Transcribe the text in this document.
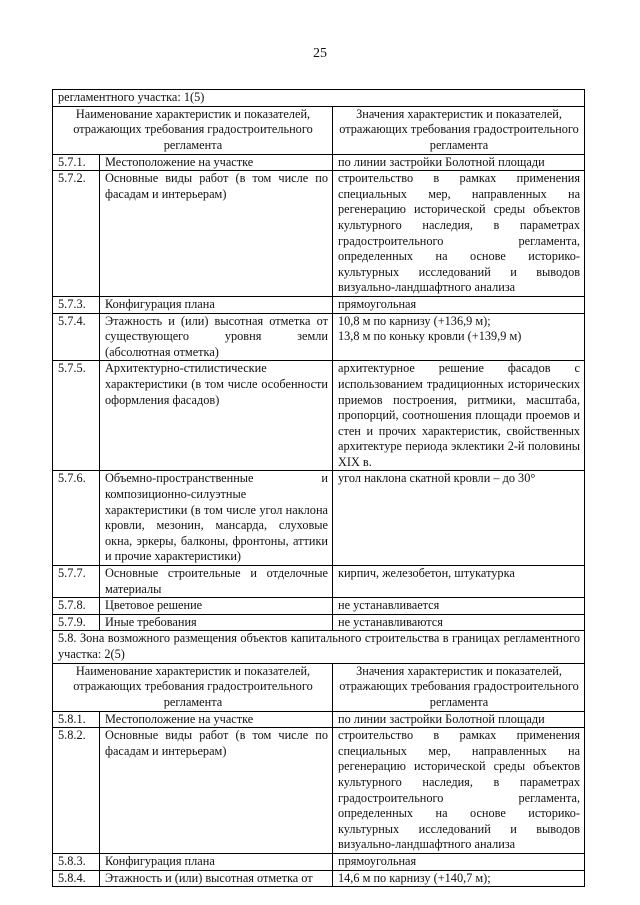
25
регламентного участка: 1(5)		
Наименование характеристик и показателей, отражающих требования градостроительного регламента		Значения характеристик и показателей, отражающих требования градостроительного регламента
5.7.1.	Местоположение на участке	по линии застройки Болотной площади
5.7.2.	Основные виды работ (в том числе по фасадам и интерьерам)	строительство в рамках применения специальных мер, направленных на регенерацию исторической среды объектов культурного наследия, в параметрах градостроительного регламента, определенных на основе историко-культурных исследований и выводов визуально-ландшафтного анализа
5.7.3.	Конфигурация плана	прямоугольная
5.7.4.	Этажность и (или) высотная отметка от существующего уровня земли (абсолютная отметка)	10,8 м по карнизу (+136,9 м);
13,8 м по коньку кровли (+139,9 м)
5.7.5.	Архитектурно-стилистические характеристики (в том числе особенности оформления фасадов)	архитектурное решение фасадов с использованием традиционных исторических приемов построения, ритмики, масштаба, пропорций, соотношения площади проемов и стен и прочих характеристик, свойственных архитектуре периода эклектики 2-й половины XIX в.
5.7.6.	Объемно-пространственные и композиционно-силуэтные характеристики (в том числе угол наклона кровли, мезонин, мансарда, слуховые окна, эркеры, балконы, фронтоны, аттики и прочие характеристики)	угол наклона скатной кровли – до 30°
5.7.7.	Основные строительные и отделочные материалы	кирпич, железобетон, штукатурка
5.7.8.	Цветовое решение	не устанавливается
5.7.9.	Иные требования	не устанавливаются
5.8. Зона возможного размещения объектов капитального строительства в границах регламентного участка: 2(5)		
Наименование характеристик и показателей, отражающих требования градостроительного регламента		Значения характеристик и показателей, отражающих требования градостроительного регламента
5.8.1.	Местоположение на участке	по линии застройки Болотной площади
5.8.2.	Основные виды работ (в том числе по фасадам и интерьерам)	строительство в рамках применения специальных мер, направленных на регенерацию исторической среды объектов культурного наследия, в параметрах градостроительного регламента, определенных на основе историко-культурных исследований и выводов визуально-ландшафтного анализа
5.8.3.	Конфигурация плана	прямоугольная
5.8.4.	Этажность и (или) высотная отметка от	14,6 м по карнизу (+140,7 м);
